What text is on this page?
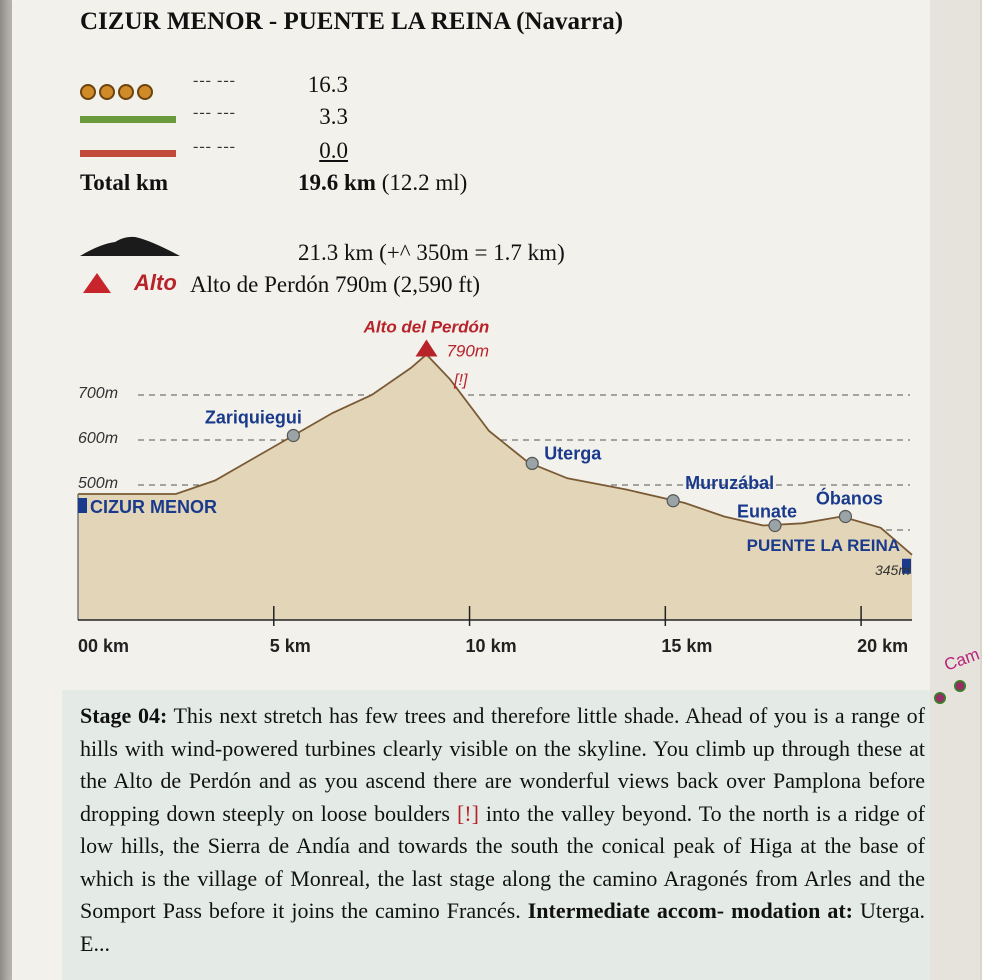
CIZUR MENOR - PUENTE LA REINA (Navarra)
--- ---	16.3
--- ---	3.3
--- ---	0.0
Total km	19.6 km (12.2 ml)
21.3 km (+^ 350m = 1.7 km)
Alto Alto de Perdón 790m (2,590 ft)
700m
600m
500m
00 km	5 km	10 km	15 km	20 km
CIZUR MENOR
Zariquiegui
Alto del Perdón
790m
Uterga
Muruzábal
Eunate
Óbanos
PUENTE LA REINA
345m
[!]
Stage 04: This next stretch has few trees and therefore little shade. Ahead of you is a range of hills with wind-powered turbines clearly visible on the skyline. You climb up through these at the Alto de Perdón and as you ascend there are wonderful views back over Pamplona before dropping down steeply on loose boulders [!] into the valley beyond. To the north is a ridge of low hills, the Sierra de Andía and towards the south the conical peak of Higa at the base of which is the village of Monreal, the last stage along the camino Aragonés from Arles and the Somport Pass before it joins the camino Francés. Intermediate accom- modation at: Uterga. E...
Cam
